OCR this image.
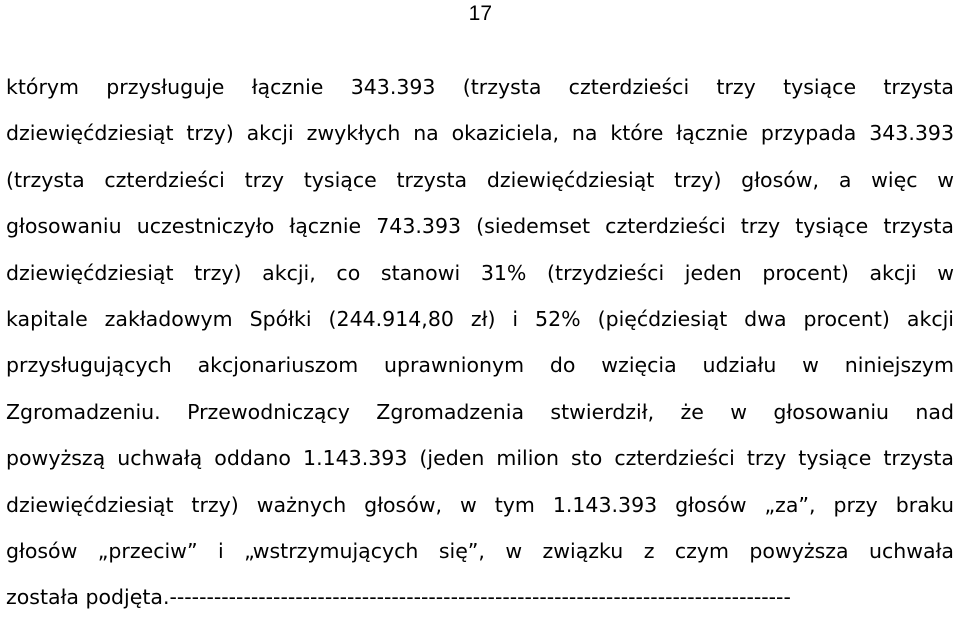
17
którym przysługuje łącznie 343.393 (trzysta czterdzieści trzy tysiące trzysta
dziewięćdziesiąt trzy) akcji zwykłych na okaziciela, na które łącznie przypada 343.393
(trzysta czterdzieści trzy tysiące trzysta dziewięćdziesiąt trzy) głosów, a więc w
głosowaniu uczestniczyło łącznie 743.393 (siedemset czterdzieści trzy tysiące trzysta
dziewięćdziesiąt trzy) akcji, co stanowi 31% (trzydzieści jeden procent) akcji w
kapitale zakładowym Spółki (244.914,80 zł) i 52% (pięćdziesiąt dwa procent) akcji
przysługujących akcjonariuszom uprawnionym do wzięcia udziału w niniejszym
Zgromadzeniu. Przewodniczący Zgromadzenia stwierdził, że w głosowaniu nad
powyższą uchwałą oddano 1.143.393 (jeden milion sto czterdzieści trzy tysiące trzysta
dziewięćdziesiąt trzy) ważnych głosów, w tym 1.143.393 głosów „za”, przy braku
głosów „przeciw” i „wstrzymujących się”, w związku z czym powyższa uchwała
została podjęta.------------------------------------------------------------------------------------
